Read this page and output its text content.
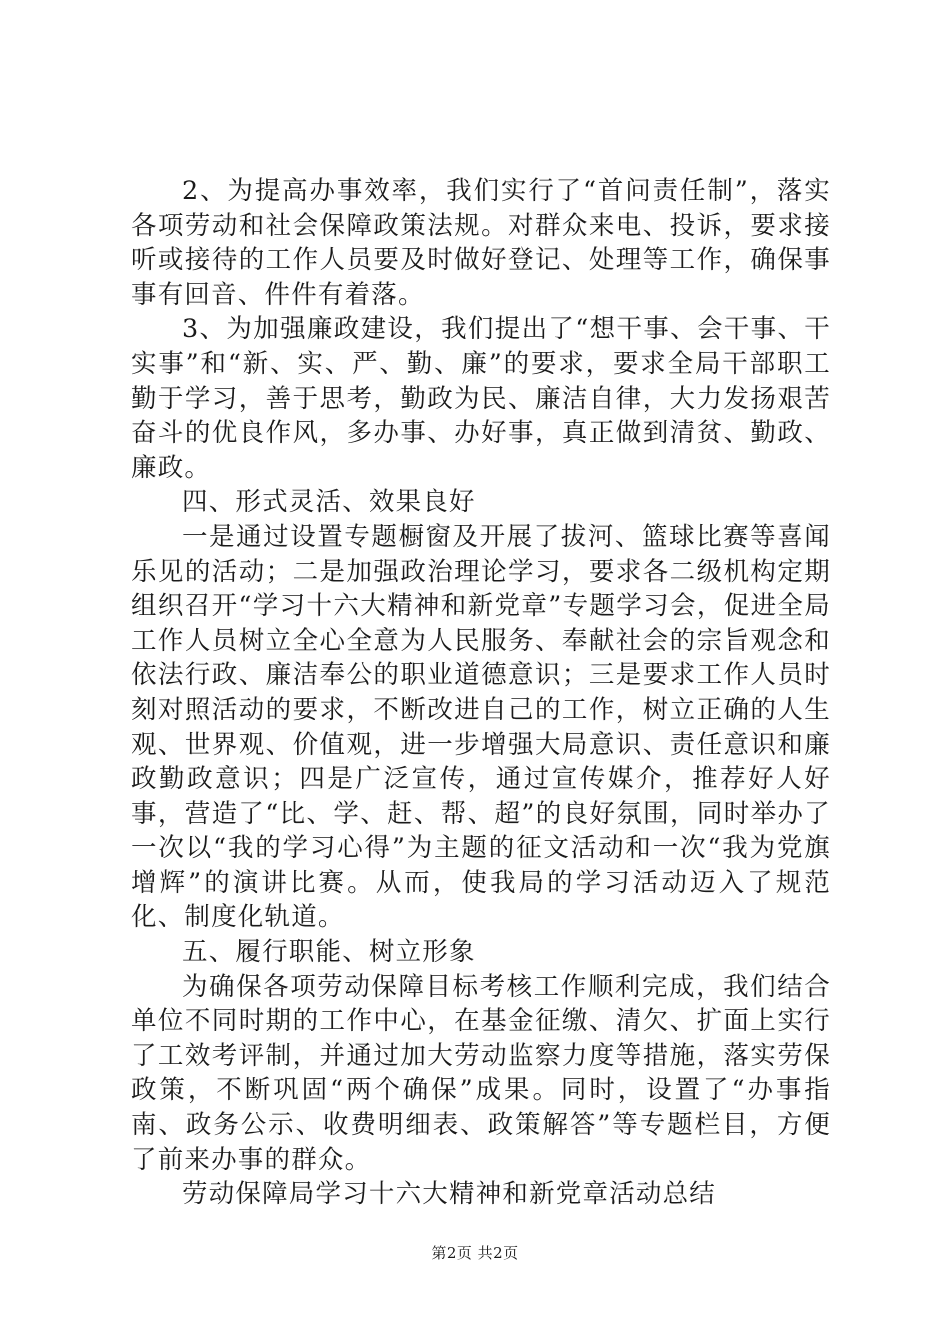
2、为提高办事效率，我们实行了“首问责任制”，落实各项劳动和社会保障政策法规。对群众来电、投诉，要求接听或接待的工作人员要及时做好登记、处理等工作，确保事事有回音、件件有着落。

3、为加强廉政建设，我们提出了“想干事、会干事、干实事”和“新、实、严、勤、廉”的要求，要求全局干部职工勤于学习，善于思考，勤政为民、廉洁自律，大力发扬艰苦奋斗的优良作风，多办事、办好事，真正做到清贫、勤政、廉政。

四、形式灵活、效果良好

一是通过设置专题橱窗及开展了拔河、篮球比赛等喜闻乐见的活动；二是加强政治理论学习，要求各二级机构定期组织召开“学习十六大精神和新党章”专题学习会，促进全局工作人员树立全心全意为人民服务、奉献社会的宗旨观念和依法行政、廉洁奉公的职业道德意识；三是要求工作人员时刻对照活动的要求，不断改进自己的工作，树立正确的人生观、世界观、价值观，进一步增强大局意识、责任意识和廉政勤政意识；四是广泛宣传，通过宣传媒介，推荐好人好事，营造了“比、学、赶、帮、超”的良好氛围，同时举办了一次以“我的学习心得”为主题的征文活动和一次“我为党旗增辉”的演讲比赛。从而，使我局的学习活动迈入了规范化、制度化轨道。

五、履行职能、树立形象

为确保各项劳动保障目标考核工作顺利完成，我们结合单位不同时期的工作中心，在基金征缴、清欠、扩面上实行了工效考评制，并通过加大劳动监察力度等措施，落实劳保政策，不断巩固“两个确保”成果。同时，设置了“办事指南、政务公示、收费明细表、政策解答”等专题栏目，方便了前来办事的群众。

劳动保障局学习十六大精神和新党章活动总结

第2页 共2页
